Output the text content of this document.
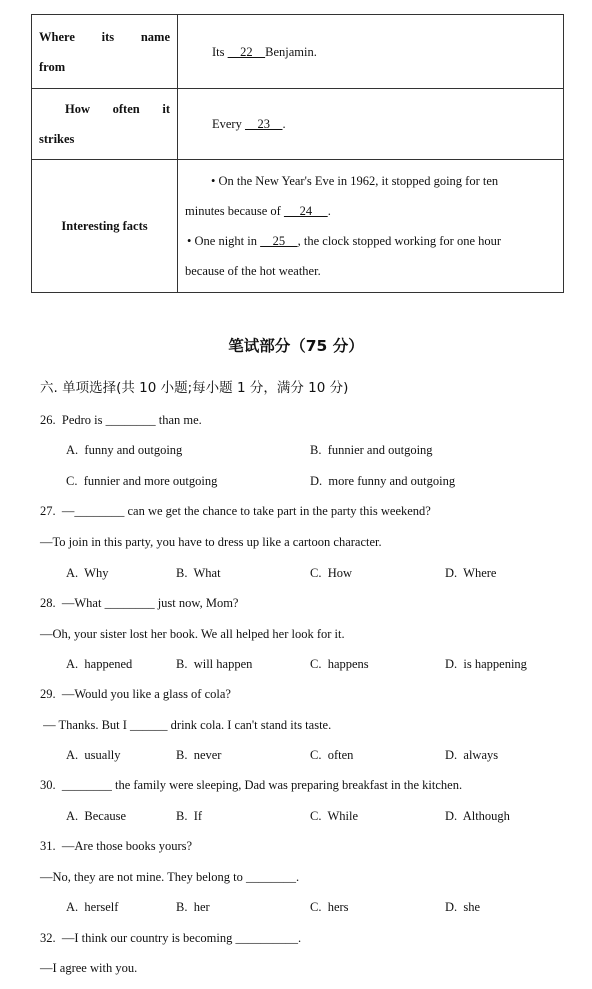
Where its name
from	Its     22    Benjamin.

How often it
strikes	Every     23    .
Interesting facts	• On the New Year's Eve in 1962, it stopped going for ten
minutes because of      24     .
• One night in     25    , the clock stopped working for one hour
because of the hot weather.
笔试部分（75 分）
六. 单项选择(共 10 小题;每小题 1 分，满分 10 分)
26.  Pedro is ________ than me.
A.  funny and outgoing	B.  funnier and outgoing
C.  funnier and more outgoing	D.  more funny and outgoing
27.  —________ can we get the chance to take part in the party this weekend?
—To join in this party, you have to dress up like a cartoon character.
A.  Why	B.  What	C.  How	D.  Where
28.  —What ________ just now, Mom?
—Oh, your sister lost her book. We all helped her look for it.
A.  happened	B.  will happen	C.  happens	D.  is happening
29.  —Would you like a glass of cola?
— Thanks. But I ______ drink cola. I can't stand its taste.
A.  usually	B.  never	C.  often	D.  always
30.  ________ the family were sleeping, Dad was preparing breakfast in the kitchen.
A.  Because	B.  If	C.  While	D.  Although
31.  —Are those books yours?
—No, they are not mine. They belong to ________.
A.  herself	B.  her	C.  hers	D.  she
32.  —I think our country is becoming __________.
—I agree with you.
